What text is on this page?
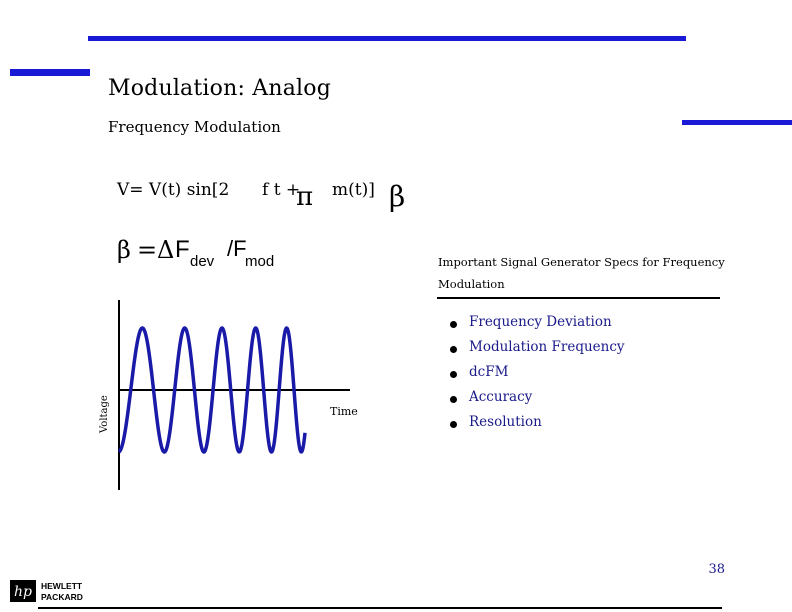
Modulation: Analog
Frequency Modulation
V= V(t) sin[2 f t + m(t)]
π	β
β = Δ F dev
/F
mod	Important Signal Generator Specs for Frequency Modulation
Frequency Deviation
Modulation Frequency
dcFM
Accuracy
Resolution
Time
Voltage
38
hp HEWLETT
PACKARD
